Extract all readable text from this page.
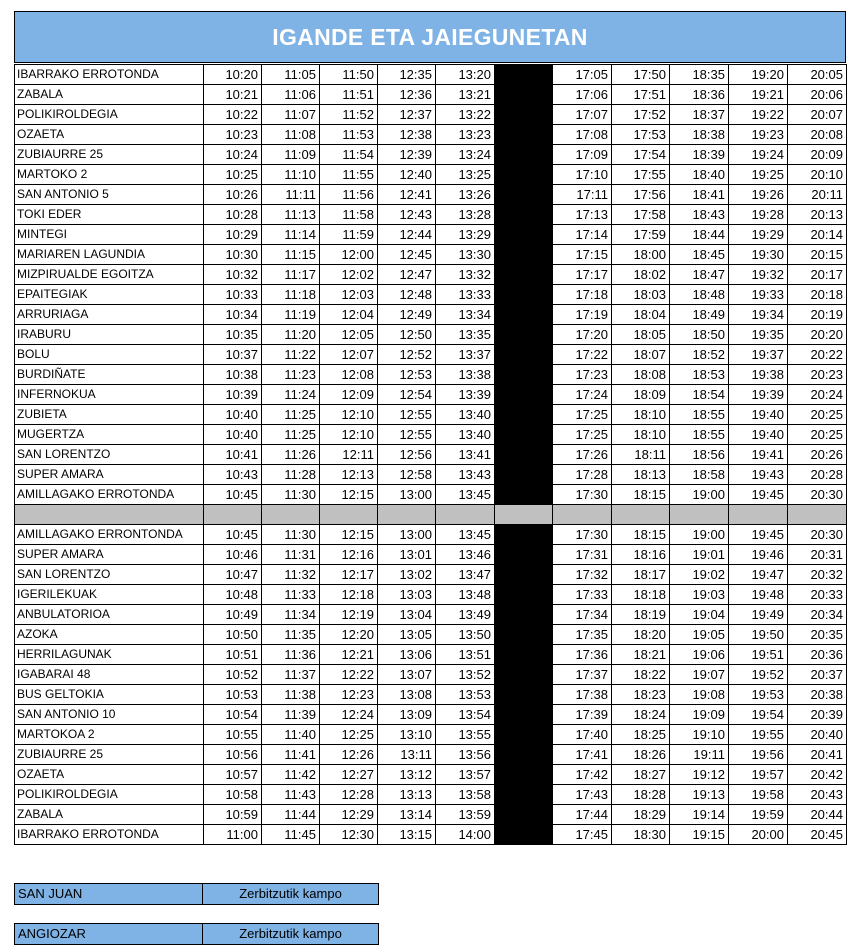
IGANDE ETA JAIEGUNETAN
IBARRAKO ERROTONDA	10:20	11:05	11:50	12:35	13:20		17:05	17:50	18:35	19:20	20:05
ZABALA	10:21	11:06	11:51	12:36	13:21		17:06	17:51	18:36	19:21	20:06
POLIKIROLDEGIA	10:22	11:07	11:52	12:37	13:22		17:07	17:52	18:37	19:22	20:07
OZAETA	10:23	11:08	11:53	12:38	13:23		17:08	17:53	18:38	19:23	20:08
ZUBIAURRE 25	10:24	11:09	11:54	12:39	13:24		17:09	17:54	18:39	19:24	20:09
MARTOKO 2	10:25	11:10	11:55	12:40	13:25		17:10	17:55	18:40	19:25	20:10
SAN ANTONIO 5	10:26	11:11	11:56	12:41	13:26		17:11	17:56	18:41	19:26	20:11
TOKI EDER	10:28	11:13	11:58	12:43	13:28		17:13	17:58	18:43	19:28	20:13
MINTEGI	10:29	11:14	11:59	12:44	13:29		17:14	17:59	18:44	19:29	20:14
MARIAREN LAGUNDIA	10:30	11:15	12:00	12:45	13:30		17:15	18:00	18:45	19:30	20:15
MIZPIRUALDE EGOITZA	10:32	11:17	12:02	12:47	13:32		17:17	18:02	18:47	19:32	20:17
EPAITEGIAK	10:33	11:18	12:03	12:48	13:33		17:18	18:03	18:48	19:33	20:18
ARRURIAGA	10:34	11:19	12:04	12:49	13:34		17:19	18:04	18:49	19:34	20:19
IRABURU	10:35	11:20	12:05	12:50	13:35		17:20	18:05	18:50	19:35	20:20
BOLU	10:37	11:22	12:07	12:52	13:37		17:22	18:07	18:52	19:37	20:22
BURDIÑATE	10:38	11:23	12:08	12:53	13:38		17:23	18:08	18:53	19:38	20:23
INFERNOKUA	10:39	11:24	12:09	12:54	13:39		17:24	18:09	18:54	19:39	20:24
ZUBIETA	10:40	11:25	12:10	12:55	13:40		17:25	18:10	18:55	19:40	20:25
MUGERTZA	10:40	11:25	12:10	12:55	13:40		17:25	18:10	18:55	19:40	20:25
SAN LORENTZO	10:41	11:26	12:11	12:56	13:41		17:26	18:11	18:56	19:41	20:26
SUPER AMARA	10:43	11:28	12:13	12:58	13:43		17:28	18:13	18:58	19:43	20:28
AMILLAGAKO ERROTONDA	10:45	11:30	12:15	13:00	13:45		17:30	18:15	19:00	19:45	20:30

AMILLAGAKO ERRONTONDA	10:45	11:30	12:15	13:00	13:45		17:30	18:15	19:00	19:45	20:30
SUPER AMARA	10:46	11:31	12:16	13:01	13:46		17:31	18:16	19:01	19:46	20:31
SAN LORENTZO	10:47	11:32	12:17	13:02	13:47		17:32	18:17	19:02	19:47	20:32
IGERILEKUAK	10:48	11:33	12:18	13:03	13:48		17:33	18:18	19:03	19:48	20:33
ANBULATORIOA	10:49	11:34	12:19	13:04	13:49		17:34	18:19	19:04	19:49	20:34
AZOKA	10:50	11:35	12:20	13:05	13:50		17:35	18:20	19:05	19:50	20:35
HERRILAGUNAK	10:51	11:36	12:21	13:06	13:51		17:36	18:21	19:06	19:51	20:36
IGABARAI 48	10:52	11:37	12:22	13:07	13:52		17:37	18:22	19:07	19:52	20:37
BUS GELTOKIA	10:53	11:38	12:23	13:08	13:53		17:38	18:23	19:08	19:53	20:38
SAN ANTONIO 10	10:54	11:39	12:24	13:09	13:54		17:39	18:24	19:09	19:54	20:39
MARTOKOA 2	10:55	11:40	12:25	13:10	13:55		17:40	18:25	19:10	19:55	20:40
ZUBIAURRE 25	10:56	11:41	12:26	13:11	13:56		17:41	18:26	19:11	19:56	20:41
OZAETA	10:57	11:42	12:27	13:12	13:57		17:42	18:27	19:12	19:57	20:42
POLIKIROLDEGIA	10:58	11:43	12:28	13:13	13:58		17:43	18:28	19:13	19:58	20:43
ZABALA	10:59	11:44	12:29	13:14	13:59		17:44	18:29	19:14	19:59	20:44
IBARRAKO ERROTONDA	11:00	11:45	12:30	13:15	14:00		17:45	18:30	19:15	20:00	20:45
SAN JUAN	Zerbitzutik kampo
ANGIOZAR	Zerbitzutik kampo
